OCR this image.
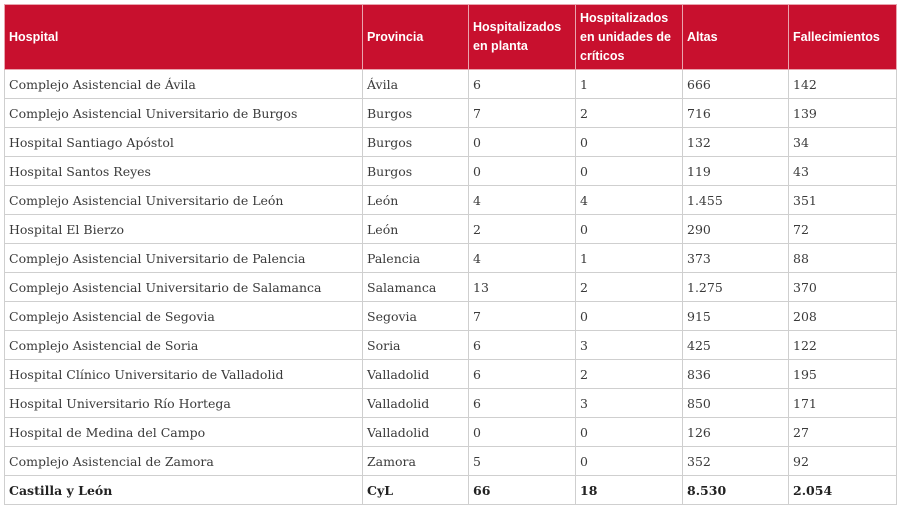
Hospital	Provincia	Hospitalizados en planta	Hospitalizados en unidades de críticos	Altas	Fallecimientos
Complejo Asistencial de Ávila	Ávila	6	1	666	142
Complejo Asistencial Universitario de Burgos	Burgos	7	2	716	139
Hospital Santiago Apóstol	Burgos	0	0	132	34
Hospital Santos Reyes	Burgos	0	0	119	43
Complejo Asistencial Universitario de León	León	4	4	1.455	351
Hospital El Bierzo	León	2	0	290	72
Complejo Asistencial Universitario de Palencia	Palencia	4	1	373	88
Complejo Asistencial Universitario de Salamanca	Salamanca	13	2	1.275	370
Complejo Asistencial de Segovia	Segovia	7	0	915	208
Complejo Asistencial de Soria	Soria	6	3	425	122
Hospital Clínico Universitario de Valladolid	Valladolid	6	2	836	195
Hospital Universitario Río Hortega	Valladolid	6	3	850	171
Hospital de Medina del Campo	Valladolid	0	0	126	27
Complejo Asistencial de Zamora	Zamora	5	0	352	92
Castilla y León	CyL	66	18	8.530	2.054
